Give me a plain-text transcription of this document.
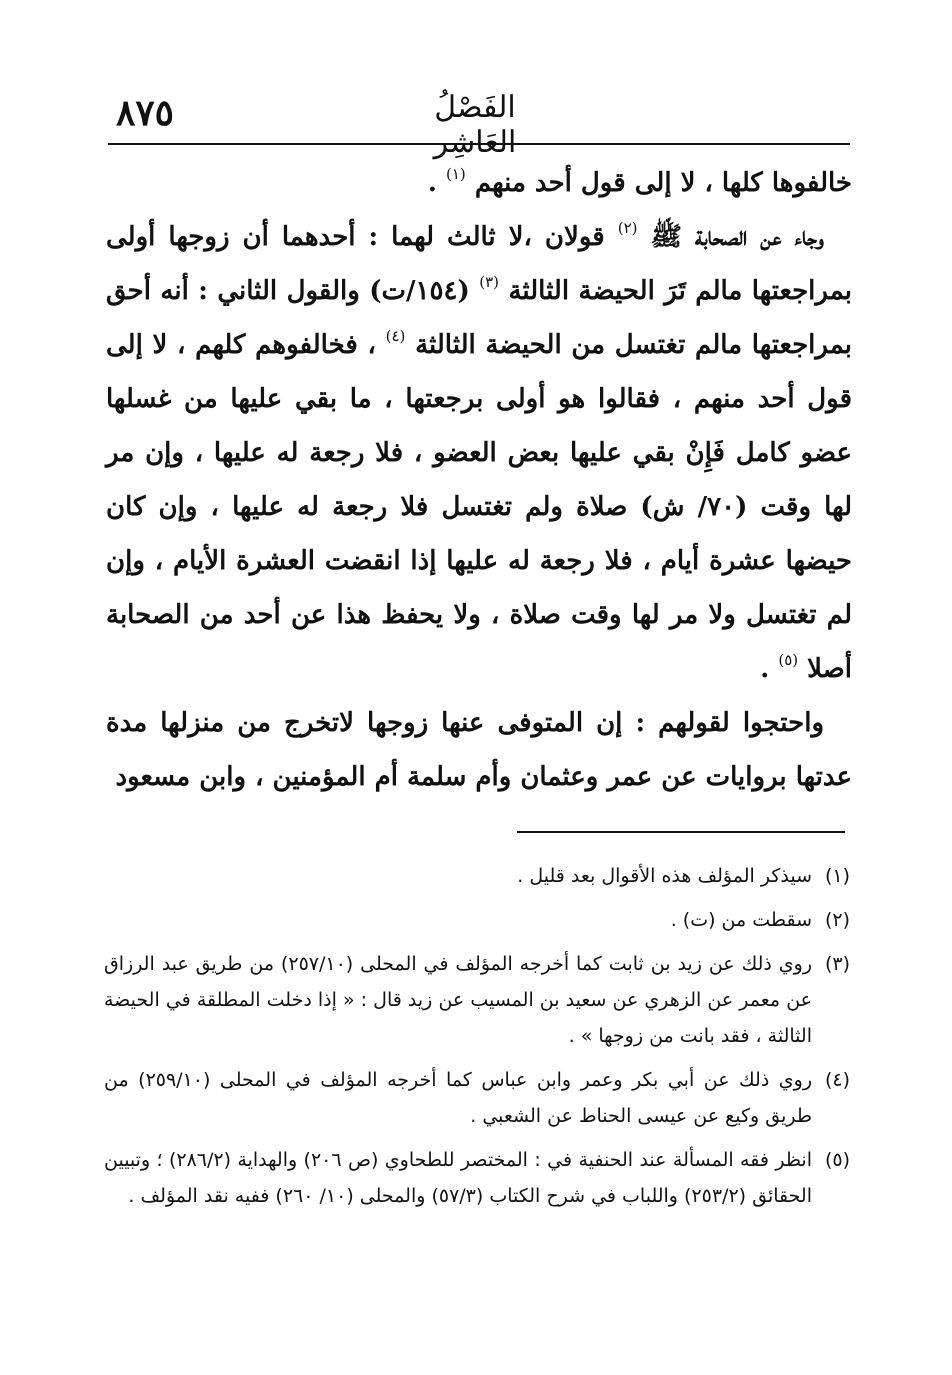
٨٧٥	الفَصْلُ العَاشِر

خالفوها كلها ، لا إلى قول أحد منهم $^{(١)}$ .

وجاء عن الصحابة ﷺ $^{(٢)}$ قولان ،لا ثالث لهما : أحدهما أن زوجها أولى بمراجعتها مالم تَرَ الحيضة الثالثة $^{(٣)}$ (١٥٤/ت) والقول الثاني : أنه أحق بمراجعتها مالم تغتسل من الحيضة الثالثة $^{(٤)}$ ، فخالفوهم كلهم ، لا إلى قول أحد منهم ، فقالوا هو أولى برجعتها ، ما بقي عليها من غسلها عضو كامل فَإِنْ بقي عليها بعض العضو ، فلا رجعة له عليها ، وإن مر لها وقت (٧٠/ ش) صلاة ولم تغتسل فلا رجعة له عليها ، وإن كان حيضها عشرة أيام ، فلا رجعة له عليها إذا انقضت العشرة الأيام ، وإن لم تغتسل ولا مر لها وقت صلاة ، ولا يحفظ هذا عن أحد من الصحابة أصلا $^{(٥)}$ .

واحتجوا لقولهم : إن المتوفى عنها زوجها لاتخرج من منزلها مدة عدتها بروايات عن عمر وعثمان وأم سلمة أم المؤمنين ، وابن مسعود

(١)
سيذكر المؤلف هذه الأقوال بعد قليل .
(٢)
سقطت من (ت) .
(٣)
روي ذلك عن زيد بن ثابت كما أخرجه المؤلف في المحلى (٢٥٧/١٠) من طريق عبد الرزاق عن معمر عن الزهري عن سعيد بن المسيب عن زيد قال : « إذا دخلت المطلقة في الحيضة الثالثة ، فقد بانت من زوجها » .
(٤)
روي ذلك عن أبي بكر وعمر وابن عباس كما أخرجه المؤلف في المحلى (٢٥٩/١٠) من طريق وكيع عن عيسى الحناط عن الشعبي .
(٥)
انظر فقه المسألة عند الحنفية في : المختصر للطحاوي (ص ٢٠٦) والهداية (٢٨٦/٢) ؛ وتبيين الحقائق (٢٥٣/٢) واللباب في شرح الكتاب (٥٧/٣) والمحلى (١٠/ ٢٦٠) ففيه نقد المؤلف .
